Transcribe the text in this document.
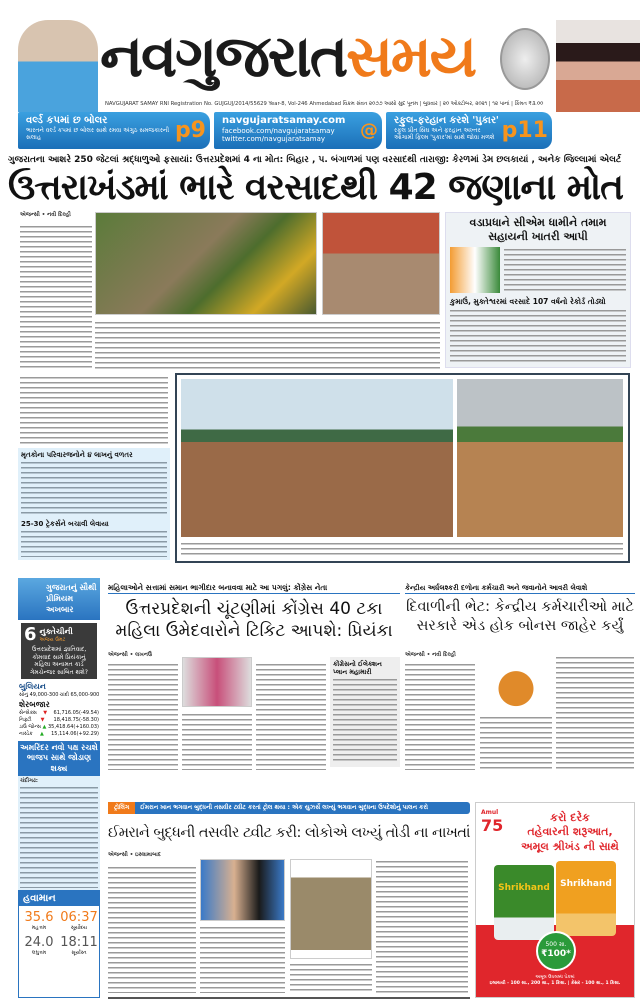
નવગુજરાતસમય
NAVGUJARAT SAMAY RNI Registration No. GUJGUJ/2014/55629 Year-8, Vol-246 Ahmedabad વિક્રમ સંવત ૨૦૭૭ આસો સુદ પૂનમ | બુધવાર | ૨૦ ઓક્ટોબર, ૨૦૨૧ | ૧૨ પાનાં | કિંમત ₹૩.૦૦
વર્લ્ડ કપમાં છ બોલર
ભારતને વર્લ્ડ કપમાં છ બોલર સાથે રમવા અંગુઠ સમજકારની સલાહ	p9 navgujaratsamay.com
facebook.com/navgujaratsamay
twitter.com/navgujaratsamay	@ રફુલ-ફરહાન કરશે 'પુકાર'
રફુલ પ્રીત સિંઘ અને ફરહાન અખ્તર આગામી ફિલ્મ 'પુકાર'માં સાથે જોવા મળશે p11
ગુજરાતના આશરે 250 જેટલાં શ્રદ્ધાળુઓ ફસાયાં: ઉત્તરપ્રદેશમાં 4 ના મોત: બિહાર , પ. બંગાળમાં પણ વરસાદથી તારાજી: કેરળમાં ડેમ છલકાયાં , અનેક જિલ્લામાં એલર્ટ
ઉત્તરાખંડમાં ભારે વરસાદથી 42 જણાના મોત
એજન્સી • નવી દિલ્હી
વડાપ્રધાને સીએમ ધામીને તમામ સહાયની ખાતરી આપી
કુમાઉં, મુક્તેશ્વરમાં વરસાદે 107 વર્ષનો રેકોર્ડ તોડ્યો
મૃતકોના પરિવારજનોને ૪ લાખનું વળતર
25-30 ટ્રેકર્સને બચાવી લેવાયા
ગુજરાતનું સૌથી પ્રીમિયમ અખબાર
6 નુક્તેચીની
અજય ઉમટ
ઉત્તરપ્રદેશમાં જ્ઞાતિવાદ, કોમવાદ સામે પ્રિયંકાનું મહિલા અનામત કાર્ડ ગેમચેન્જર સાબિત થશે?
બુલિયન
સોનું 49,000-300 ચાંદી 65,000-900
શેરબજાર
સેન્સેક્સ ▼ 61,716.05(-49.54)
નિફ્ટી ▼ 18,418.75(-58.30)
ડાઉ જોન્સ ▲ 35,418.64(+160.03)
નાસ્ડેક ▲ 15,114.06(+92.29)
અમરિંદર નવો પક્ષ રચશે ભાજપ સાથે જોડાણ શક્ય
ચંદીગઢ:
હવામાન
35.6
મહત્તમ
06:37
સૂર્યોદય
24.0
લઘુત્તમ
18:11
સૂર્યાસ્ત
મહિલાઓને સત્તામાં સમાન ભાગીદાર બનાવવા માટે આ પગલું: કોંગ્રેસ નેતા
ઉત્તરપ્રદેશની ચૂંટણીમાં કોંગ્રેસ 40 ટકા મહિલા ઉમેદવારોને ટિકિટ આપશે: પ્રિયંકા
એજન્સી • લખનઉ
કોંગ્રેસનો ઈલેક્શન પ્લાન મહામારી
કેન્દ્રીય અર્ધલશ્કરી દળોના કર્મચારી અને જવાનોને આવરી લેવાશે
દિવાળીની ભેટ: કેન્દ્રીય કર્મચારીઓ માટે સરકારે એડ હોક બોનસ જાહેર કર્યું
એજન્સી • નવી દિલ્હી
ટ્રોલિંગ	ઈમરાન ખાન ભગવાન બુદ્ધની તસવીર ટ્વીટ કરતાં ટ્રોલ થયા : એક યુઝર્સે લખ્યું ભગવાન બુદ્ધના ઉપદેશોનું પાલન કરો
ઈમરાને બુદ્ધની તસવીર ટ્વીટ કરી: લોકોએ લખ્યું તોડી ના નાખતાં
એજન્સી • ઇસ્લામાબાદ
Amul
75	કરો દરેક
તહેવારની શરૂઆત,
અમૂલ શ્રીખંડ ની સાથે
Shrikhand	Shrikhand
500 ગ્રા.
₹100*
અમૂલ ઉપલબ્ધ પેકમાં
ઇલાયચી - 100 ગ્રા., 200 ગ્રા., 1 કિગ્રા. | કેસર - 100 ગ્રા., 1 કિગ્રા.
